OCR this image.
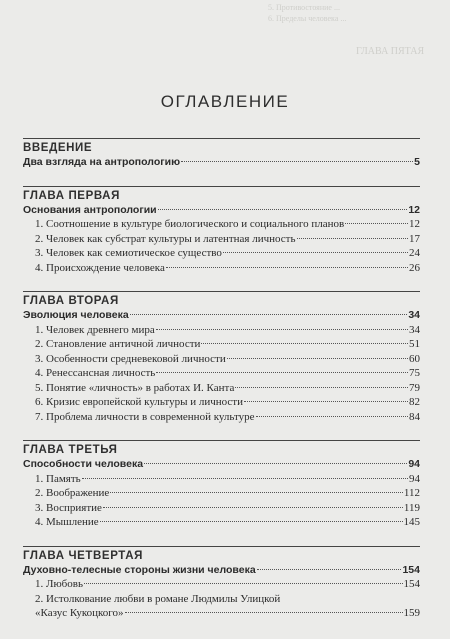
5. Противостояние ...
6. Пределы человека ...
ГЛАВА ПЯТАЯ
ОГЛАВЛЕНИЕ
ВВЕДЕНИЕ
Два взгляда на антропологию	5
ГЛАВА ПЕРВАЯ
Основания антропологии	12
1. Соотношение в культуре биологического и социального планов	12
2. Человек как субстрат культуры и латентная личность	17
3. Человек как семиотическое существо	24
4. Происхождение человека	26
ГЛАВА ВТОРАЯ
Эволюция человека	34
1. Человек древнего мира	34
2. Становление античной личности	51
3. Особенности средневековой личности	60
4. Ренессансная личность	75
5. Понятие «личность» в работах И. Канта	79
6. Кризис европейской культуры и личности	82
7. Проблема личности в современной культуре	84
ГЛАВА ТРЕТЬЯ
Способности человека	94
1. Память	94
2. Воображение	112
3. Восприятие	119
4. Мышление	145
ГЛАВА ЧЕТВЕРТАЯ
Духовно-телесные стороны жизни человека	154
1. Любовь	154
2. Истолкование любви в романе Людмилы Улицкой
«Казус Кукоцкого»	159
